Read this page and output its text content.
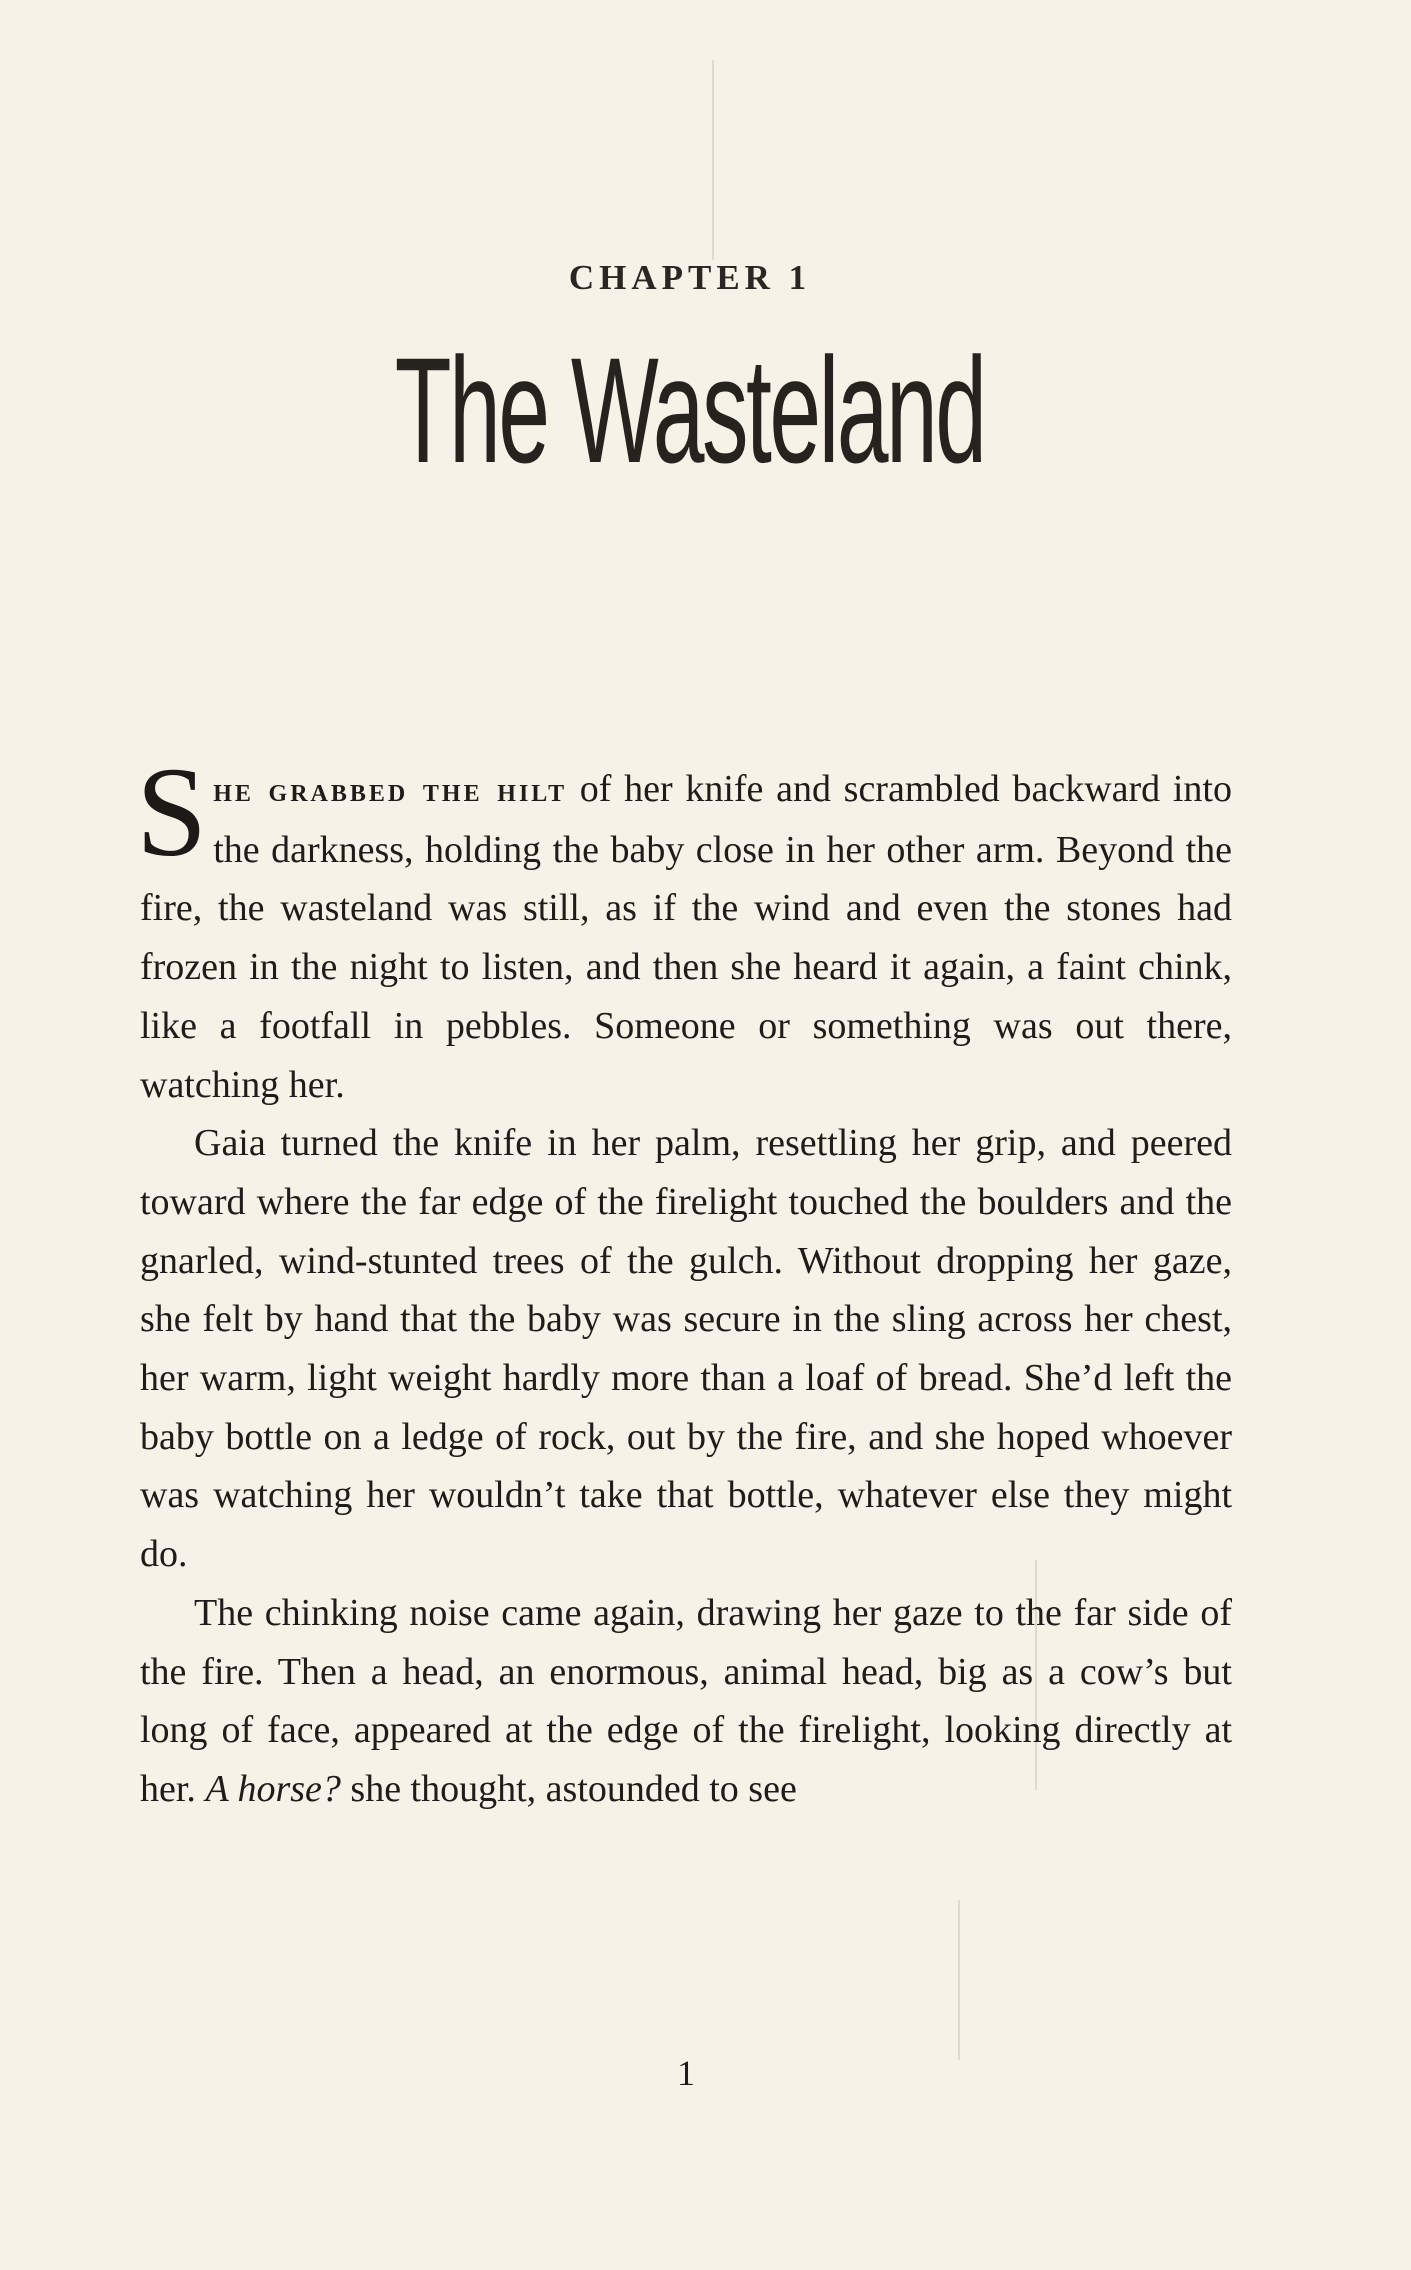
CHAPTER 1
The Wasteland

She grabbed the hilt of her knife and scrambled backward into the darkness, holding the baby close in her other arm. Beyond the fire, the wasteland was still, as if the wind and even the stones had frozen in the night to listen, and then she heard it again, a faint chink, like a footfall in pebbles. Someone or something was out there, watching her.

Gaia turned the knife in her palm, resettling her grip, and peered toward where the far edge of the firelight touched the boulders and the gnarled, wind-stunted trees of the gulch. Without dropping her gaze, she felt by hand that the baby was secure in the sling across her chest, her warm, light weight hardly more than a loaf of bread. She’d left the baby bottle on a ledge of rock, out by the fire, and she hoped whoever was watching her wouldn’t take that bottle, whatever else they might do.

The chinking noise came again, drawing her gaze to the far side of the fire. Then a head, an enormous, animal head, big as a cow’s but long of face, appeared at the edge of the firelight, looking directly at her. A horse? she thought, astounded to see

1
